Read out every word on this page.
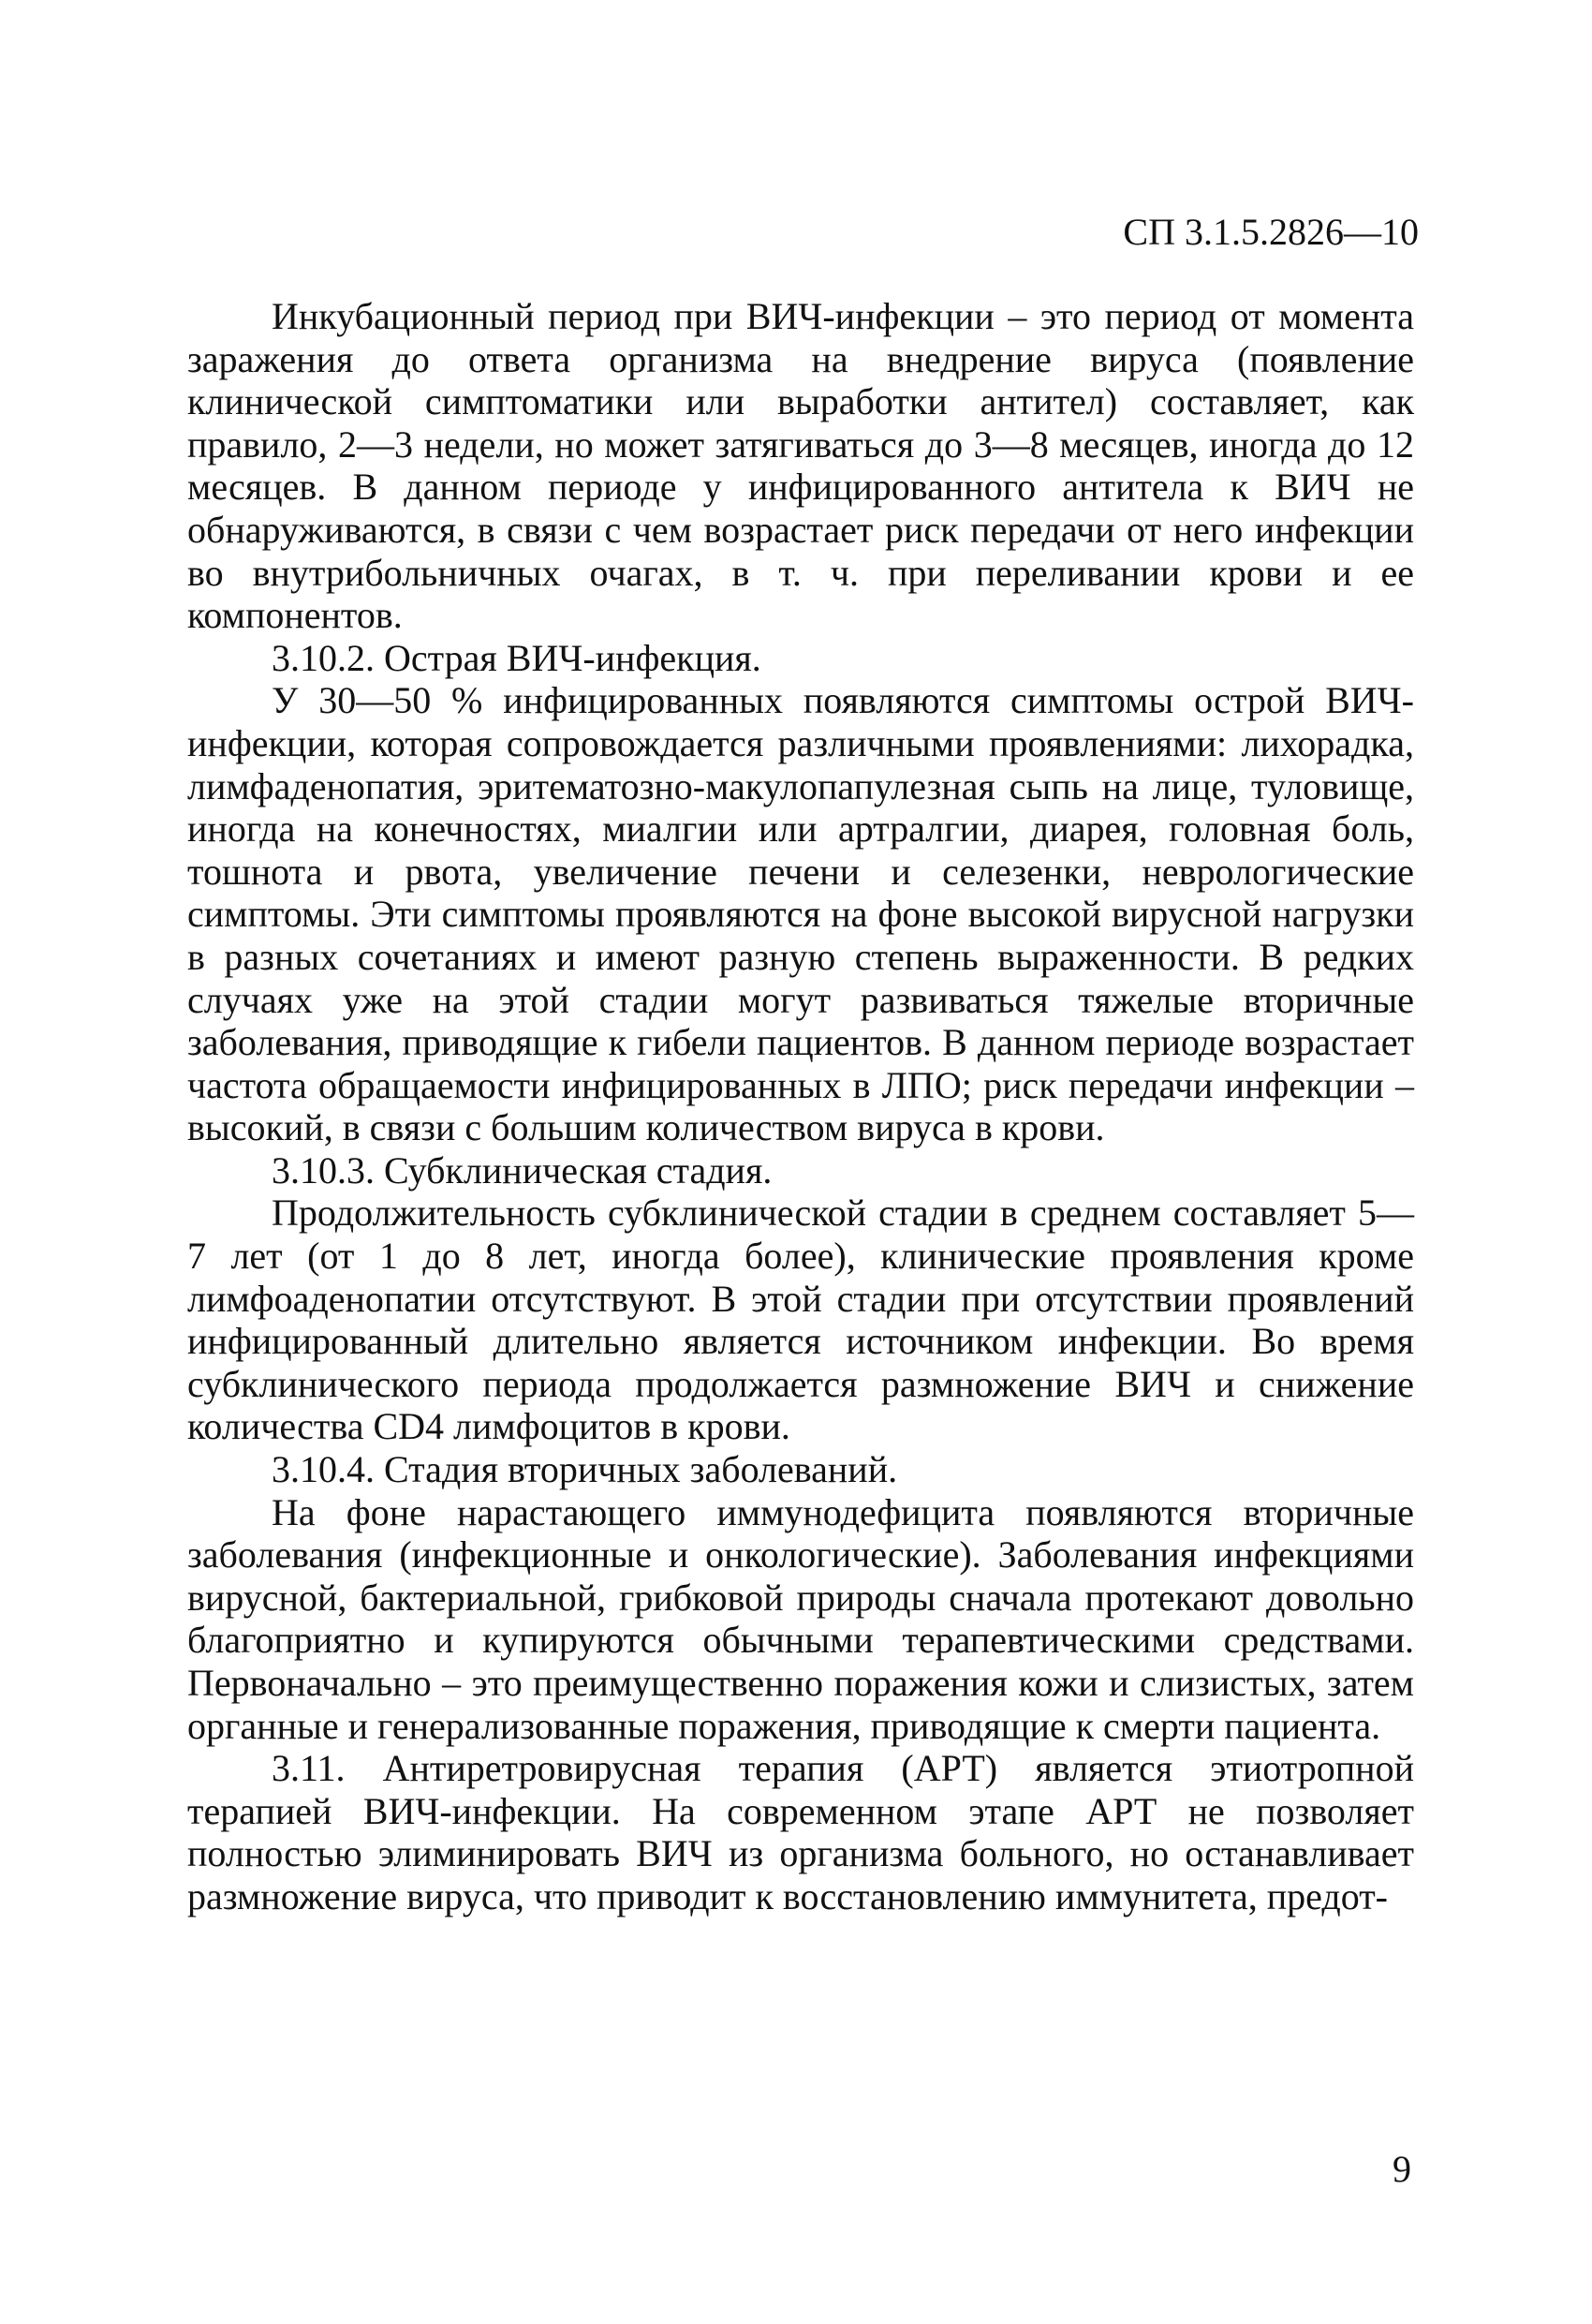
СП 3.1.5.2826—10

Инкубационный период при ВИЧ-инфекции – это период от момента заражения до ответа организма на внедрение вируса (появление клинической симптоматики или выработки антител) составляет, как правило, 2—3 недели, но может затягиваться до 3—8 месяцев, иногда до 12 месяцев. В данном периоде у инфицированного антитела к ВИЧ не обнаруживаются, в связи с чем возрастает риск передачи от него инфекции во внутрибольничных очагах, в т. ч. при переливании крови и ее компонентов.

3.10.2. Острая ВИЧ-инфекция.

У 30—50 % инфицированных появляются симптомы острой ВИЧ-инфекции, которая сопровождается различными проявлениями: лихорадка, лимфаденопатия, эритематозно-макулопапулезная сыпь на лице, туловище, иногда на конечностях, миалгии или артралгии, диарея, головная боль, тошнота и рвота, увеличение печени и селезенки, неврологические симптомы. Эти симптомы проявляются на фоне высокой вирусной нагрузки в разных сочетаниях и имеют разную степень выраженности. В редких случаях уже на этой стадии могут развиваться тяжелые вторичные заболевания, приводящие к гибели пациентов. В данном периоде возрастает частота обращаемости инфицированных в ЛПО; риск передачи инфекции – высокий, в связи с большим количеством вируса в крови.

3.10.3. Субклиническая стадия.

Продолжительность субклинической стадии в среднем составляет 5—7 лет (от 1 до 8 лет, иногда более), клинические проявления кроме лимфоаденопатии отсутствуют. В этой стадии при отсутствии проявлений инфицированный длительно является источником инфекции. Во время субклинического периода продолжается размножение ВИЧ и снижение количества CD4 лимфоцитов в крови.

3.10.4. Стадия вторичных заболеваний.

На фоне нарастающего иммунодефицита появляются вторичные заболевания (инфекционные и онкологические). Заболевания инфекциями вирусной, бактериальной, грибковой природы сначала протекают довольно благоприятно и купируются обычными терапевтическими средствами. Первоначально – это преимущественно поражения кожи и слизистых, затем органные и генерализованные поражения, приводящие к смерти пациента.

3.11. Антиретровирусная терапия (АРТ) является этиотропной терапией ВИЧ-инфекции. На современном этапе АРТ не позволяет полностью элиминировать ВИЧ из организма больного, но останавливает размножение вируса, что приводит к восстановлению иммунитета, предот-

9
